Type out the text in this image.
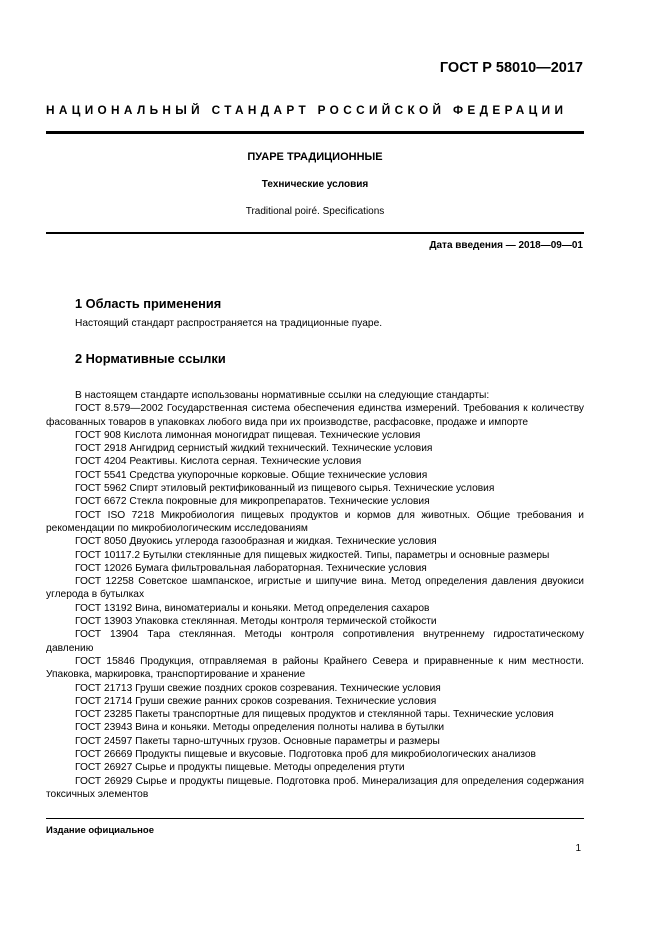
ГОСТ Р 58010—2017
НАЦИОНАЛЬНЫЙ СТАНДАРТ РОССИЙСКОЙ ФЕДЕРАЦИИ
ПУАРЕ ТРАДИЦИОННЫЕ
Технические условия
Traditional poiré. Specifications
Дата введения — 2018—09—01
1 Область применения
Настоящий стандарт распространяется на традиционные пуаре.
2 Нормативные ссылки
В настоящем стандарте использованы нормативные ссылки на следующие стандарты:
ГОСТ 8.579—2002 Государственная система обеспечения единства измерений. Требования к количеству фасованных товаров в упаковках любого вида при их производстве, расфасовке, продаже и импорте
ГОСТ 908 Кислота лимонная моногидрат пищевая. Технические условия
ГОСТ 2918 Ангидрид сернистый жидкий технический. Технические условия
ГОСТ 4204 Реактивы. Кислота серная. Технические условия
ГОСТ 5541 Средства укупорочные корковые. Общие технические условия
ГОСТ 5962 Спирт этиловый ректификованный из пищевого сырья. Технические условия
ГОСТ 6672 Стекла покровные для микропрепаратов. Технические условия
ГОСТ ISO 7218 Микробиология пищевых продуктов и кормов для животных. Общие требования и рекомендации по микробиологическим исследованиям
ГОСТ 8050 Двуокись углерода газообразная и жидкая. Технические условия
ГОСТ 10117.2 Бутылки стеклянные для пищевых жидкостей. Типы, параметры и основные размеры
ГОСТ 12026 Бумага фильтровальная лабораторная. Технические условия
ГОСТ 12258 Советское шампанское, игристые и шипучие вина. Метод определения давления двуокиси углерода в бутылках
ГОСТ 13192 Вина, виноматериалы и коньяки. Метод определения сахаров
ГОСТ 13903 Упаковка стеклянная. Методы контроля термической стойкости
ГОСТ 13904 Тара стеклянная. Методы контроля сопротивления внутреннему гидростатическому давлению
ГОСТ 15846 Продукция, отправляемая в районы Крайнего Севера и приравненные к ним местности. Упаковка, маркировка, транспортирование и хранение
ГОСТ 21713 Груши свежие поздних сроков созревания. Технические условия
ГОСТ 21714 Груши свежие ранних сроков созревания. Технические условия
ГОСТ 23285 Пакеты транспортные для пищевых продуктов и стеклянной тары. Технические условия
ГОСТ 23943 Вина и коньяки. Методы определения полноты налива в бутылки
ГОСТ 24597 Пакеты тарно-штучных грузов. Основные параметры и размеры
ГОСТ 26669 Продукты пищевые и вкусовые. Подготовка проб для микробиологических анализов
ГОСТ 26927 Сырье и продукты пищевые. Методы определения ртути
ГОСТ 26929 Сырье и продукты пищевые. Подготовка проб. Минерализация для определения содержания токсичных элементов
Издание официальное
1
